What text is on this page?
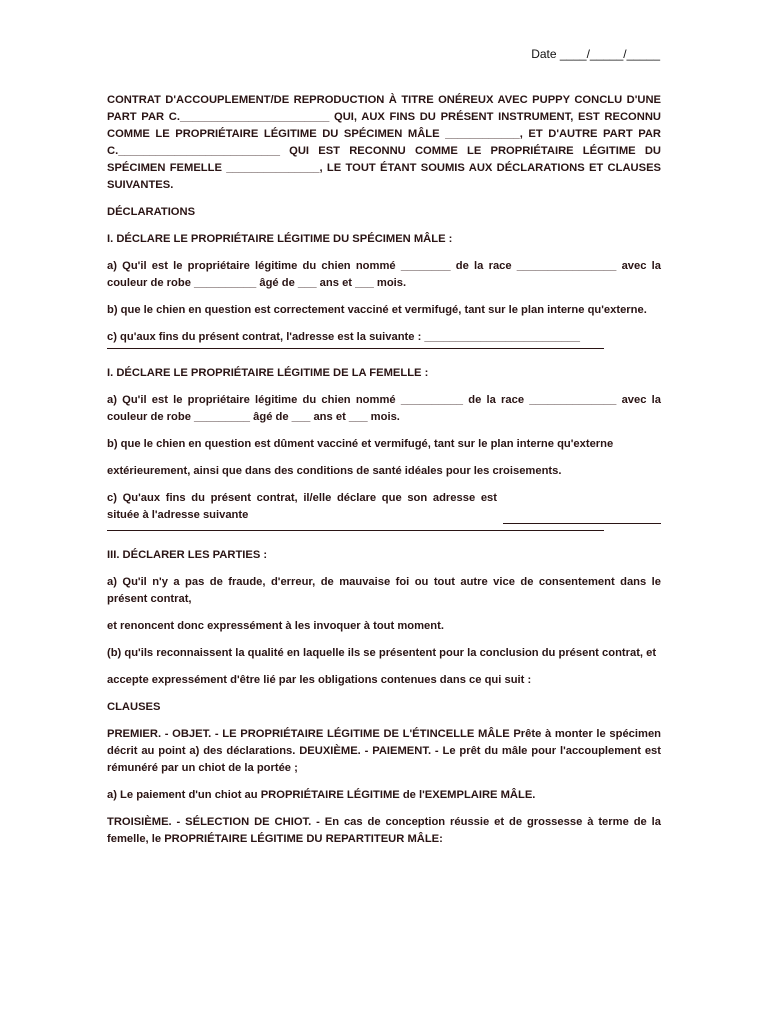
Date ____/_____/_____

CONTRAT D'ACCOUPLEMENT/DE REPRODUCTION À TITRE ONÉREUX AVEC PUPPY CONCLU D'UNE PART PAR C.________________________ QUI, AUX FINS DU PRÉSENT INSTRUMENT, EST RECONNU COMME LE PROPRIÉTAIRE LÉGITIME DU SPÉCIMEN MÂLE ____________, ET D'AUTRE PART PAR C.__________________________ QUI EST RECONNU COMME LE PROPRIÉTAIRE LÉGITIME DU SPÉCIMEN FEMELLE _______________, LE TOUT ÉTANT SOUMIS AUX DÉCLARATIONS ET CLAUSES SUIVANTES.

DÉCLARATIONS

I. DÉCLARE LE PROPRIÉTAIRE LÉGITIME DU SPÉCIMEN MÂLE :

a) Qu'il est le propriétaire légitime du chien nommé ________ de la race ________________ avec la couleur de robe __________ âgé de ___ ans et ___ mois.

b) que le chien en question est correctement vacciné et vermifugé, tant sur le plan interne qu'externe.

c) qu'aux fins du présent contrat, l'adresse est la suivante : _________________________

I. DÉCLARE LE PROPRIÉTAIRE LÉGITIME DE LA FEMELLE :

a) Qu'il est le propriétaire légitime du chien nommé __________ de la race ______________ avec la couleur de robe _________ âgé de ___ ans et ___ mois.

b) que le chien en question est dûment vacciné et vermifugé, tant sur le plan interne qu'externe

extérieurement, ainsi que dans des conditions de santé idéales pour les croisements.

c) Qu'aux fins du présent contrat, il/elle déclare que son adresse est située à l'adresse suivante

III. DÉCLARER LES PARTIES :

a) Qu'il n'y a pas de fraude, d'erreur, de mauvaise foi ou tout autre vice de consentement dans le présent contrat,

et renoncent donc expressément à les invoquer à tout moment.

(b) qu'ils reconnaissent la qualité en laquelle ils se présentent pour la conclusion du présent contrat, et

accepte expressément d'être lié par les obligations contenues dans ce qui suit :

CLAUSES

PREMIER. - OBJET. - LE PROPRIÉTAIRE LÉGITIME DE L'ÉTINCELLE MÂLE Prête à monter le spécimen décrit au point a) des déclarations. DEUXIÈME. - PAIEMENT. - Le prêt du mâle pour l'accouplement est rémunéré par un chiot de la portée ;

a) Le paiement d'un chiot au PROPRIÉTAIRE LÉGITIME de l'EXEMPLAIRE MÂLE.

TROISIÈME. - SÉLECTION DE CHIOT. - En cas de conception réussie et de grossesse à terme de la femelle, le PROPRIÉTAIRE LÉGITIME DU REPARTITEUR MÂLE:
